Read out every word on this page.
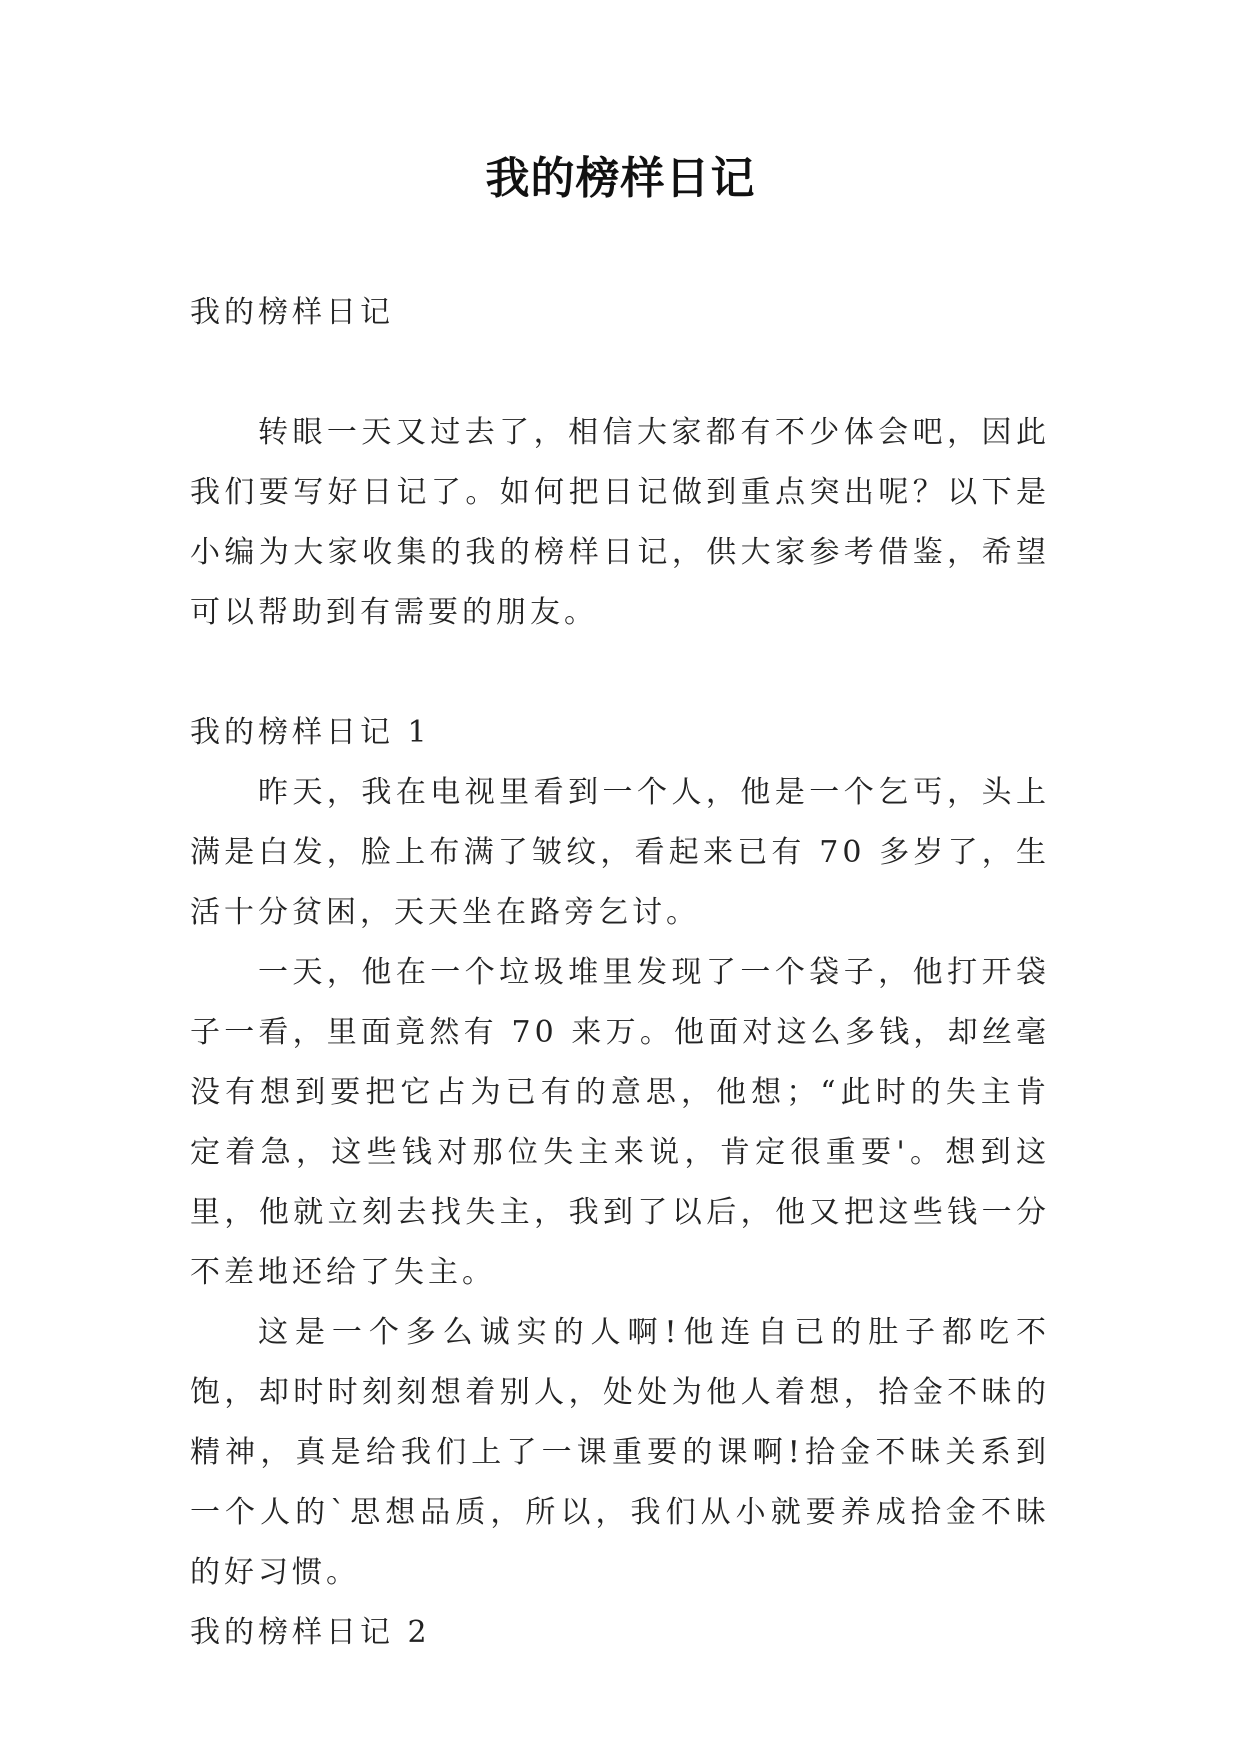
我的榜样日记

我的榜样日记

转眼一天又过去了，相信大家都有不少体会吧，因此我们要写好日记了。如何把日记做到重点突出呢？以下是小编为大家收集的我的榜样日记，供大家参考借鉴，希望可以帮助到有需要的朋友。

我的榜样日记 1

昨天，我在电视里看到一个人，他是一个乞丐，头上满是白发，脸上布满了皱纹，看起来已有 70 多岁了，生活十分贫困，天天坐在路旁乞讨。

一天，他在一个垃圾堆里发现了一个袋子，他打开袋子一看，里面竟然有 70 来万。他面对这么多钱，却丝毫没有想到要把它占为已有的意思，他想；“此时的失主肯定着急，这些钱对那位失主来说，肯定很重要'。想到这里，他就立刻去找失主，我到了以后，他又把这些钱一分不差地还给了失主。

这是一个多么诚实的人啊!他连自已的肚子都吃不饱，却时时刻刻想着别人，处处为他人着想，拾金不昧的精神，真是给我们上了一课重要的课啊!拾金不昧关系到一个人的`思想品质，所以，我们从小就要养成拾金不昧的好习惯。

我的榜样日记 2
